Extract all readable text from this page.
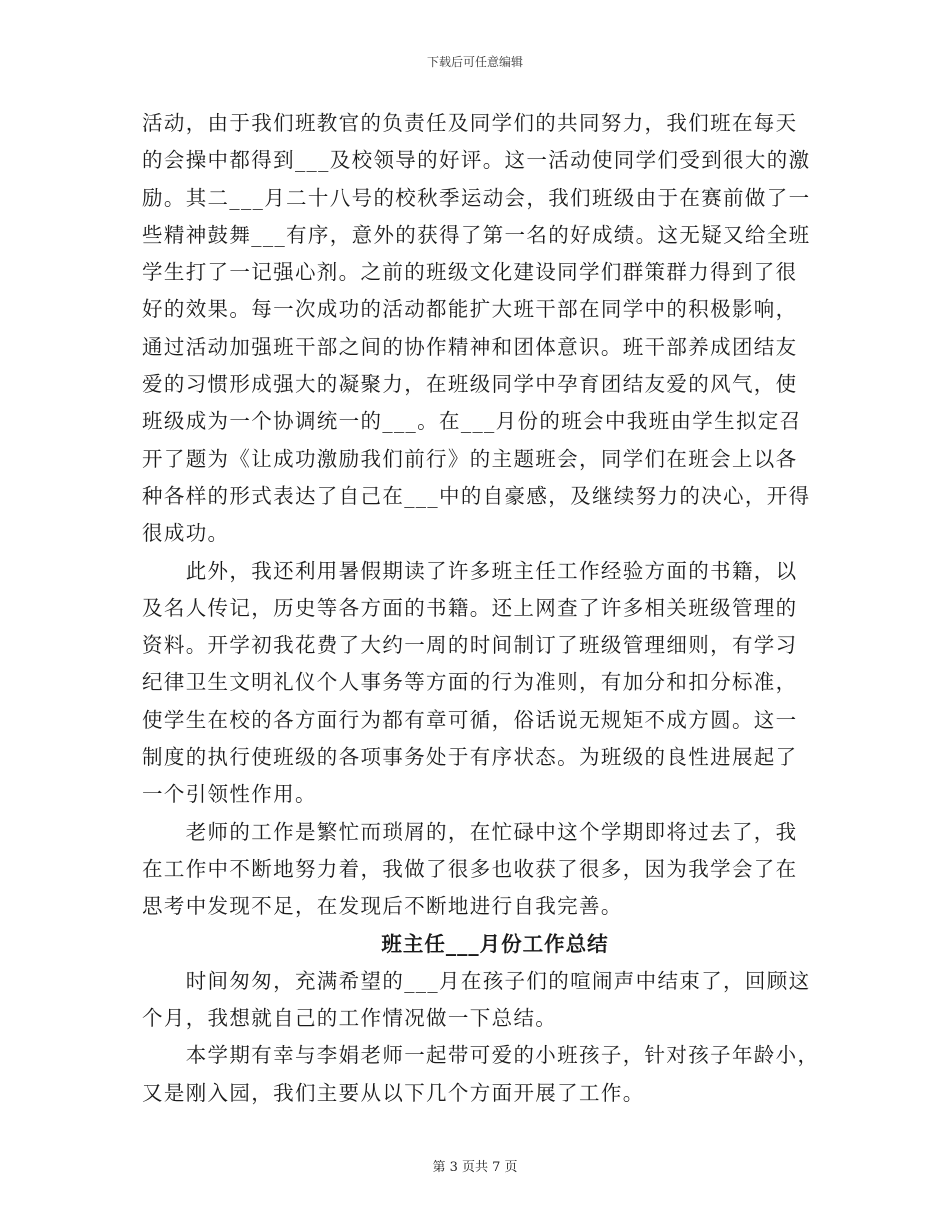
下载后可任意编辑
活动，由于我们班教官的负责任及同学们的共同努力，我们班在每天
的会操中都得到___及校领导的好评。这一活动使同学们受到很大的激
励。其二___月二十八号的校秋季运动会，我们班级由于在赛前做了一
些精神鼓舞___有序，意外的获得了第一名的好成绩。这无疑又给全班
学生打了一记强心剂。之前的班级文化建设同学们群策群力得到了很
好的效果。每一次成功的活动都能扩大班干部在同学中的积极影响，
通过活动加强班干部之间的协作精神和团体意识。班干部养成团结友
爱的习惯形成强大的凝聚力，在班级同学中孕育团结友爱的风气，使
班级成为一个协调统一的___。在___月份的班会中我班由学生拟定召
开了题为《让成功激励我们前行》的主题班会，同学们在班会上以各
种各样的形式表达了自己在___中的自豪感，及继续努力的决心，开得
很成功。
　　此外，我还利用暑假期读了许多班主任工作经验方面的书籍，以
及名人传记，历史等各方面的书籍。还上网查了许多相关班级管理的
资料。开学初我花费了大约一周的时间制订了班级管理细则，有学习
纪律卫生文明礼仪个人事务等方面的行为准则，有加分和扣分标准，
使学生在校的各方面行为都有章可循，俗话说无规矩不成方圆。这一
制度的执行使班级的各项事务处于有序状态。为班级的良性进展起了
一个引领性作用。
　　老师的工作是繁忙而琐屑的，在忙碌中这个学期即将过去了，我
在工作中不断地努力着，我做了很多也收获了很多，因为我学会了在
思考中发现不足，在发现后不断地进行自我完善。
班主任___月份工作总结
　　时间匆匆，充满希望的___月在孩子们的喧闹声中结束了，回顾这
个月，我想就自己的工作情况做一下总结。
　　本学期有幸与李娟老师一起带可爱的小班孩子，针对孩子年龄小，
又是刚入园，我们主要从以下几个方面开展了工作。
第 3 页共 7 页
